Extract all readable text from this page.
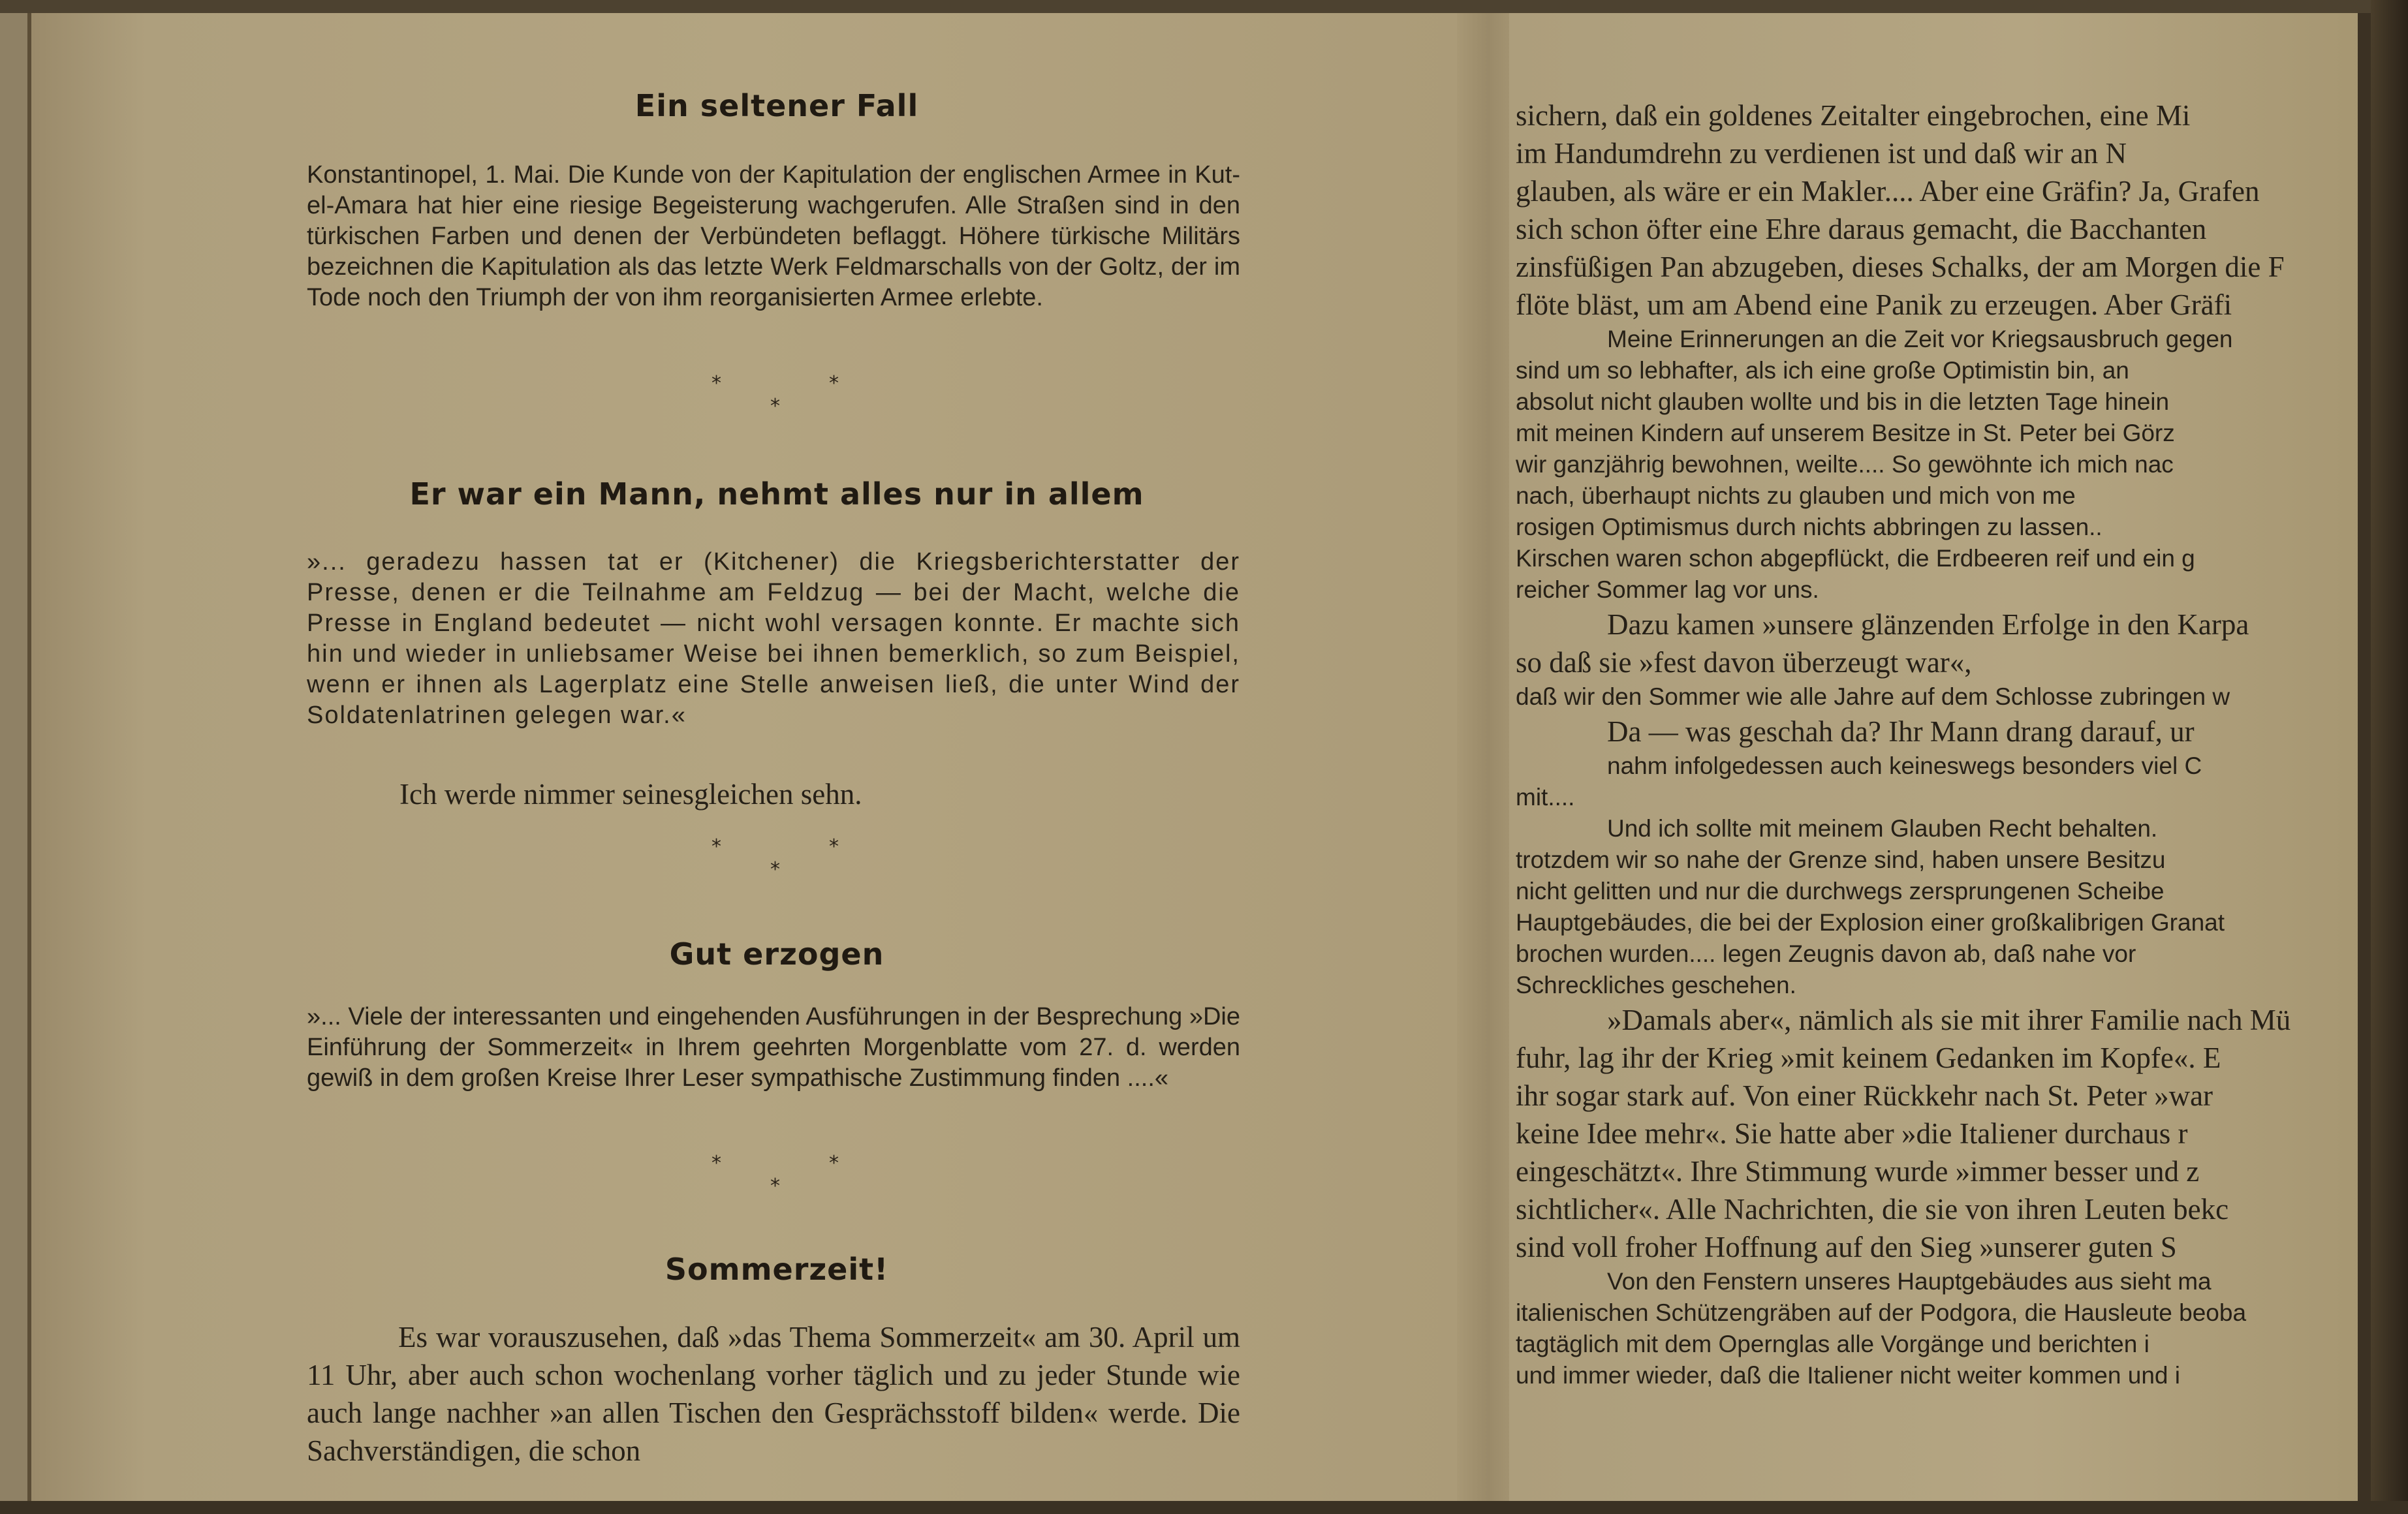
sichern, daß ein goldenes Zeitalter eingebrochen, eine Mi
im Handumdrehn zu verdienen ist und daß wir an N
glauben, als wäre er ein Makler.... Aber eine Gräfin? Ja, Grafen
sich schon öfter eine Ehre daraus gemacht, die Bacchanten
zinsfüßigen Pan abzugeben, dieses Schalks, der am Morgen die F
flöte bläst, um am Abend eine Panik zu erzeugen. Aber Gräfi
Meine Erinnerungen an die Zeit vor Kriegsausbruch gegen
sind um so lebhafter, als ich eine große Optimistin bin, an
absolut nicht glauben wollte und bis in die letzten Tage hinein
mit meinen Kindern auf unserem Besitze in St. Peter bei Görz
wir ganzjährig bewohnen, weilte.... So gewöhnte ich mich nac
nach, überhaupt nichts zu glauben und mich von me
rosigen Optimismus durch nichts abbringen zu lassen..
Kirschen waren schon abgepflückt, die Erdbeeren reif und ein g
reicher Sommer lag vor uns.
Dazu kamen »unsere glänzenden Erfolge in den Karpa
so daß sie »fest davon überzeugt war«,
daß wir den Sommer wie alle Jahre auf dem Schlosse zubringen w
Da — was geschah da? Ihr Mann drang darauf, ur
nahm infolgedessen auch keineswegs besonders viel C
mit....
Und ich sollte mit meinem Glauben Recht behalten.
trotzdem wir so nahe der Grenze sind, haben unsere Besitzu
nicht gelitten und nur die durchwegs zersprungenen Scheibe
Hauptgebäudes, die bei der Explosion einer großkalibrigen Granat
brochen wurden.... legen Zeugnis davon ab, daß nahe vor
Schreckliches geschehen.
»Damals aber«, nämlich als sie mit ihrer Familie nach Mü
fuhr, lag ihr der Krieg »mit keinem Gedanken im Kopfe«. E
ihr sogar stark auf. Von einer Rückkehr nach St. Peter »war
keine Idee mehr«. Sie hatte aber »die Italiener durchaus r
eingeschätzt«. Ihre Stimmung wurde »immer besser und z
sichtlicher«. Alle Nachrichten, die sie von ihren Leuten bekc
sind voll froher Hoffnung auf den Sieg »unserer guten S
Von den Fenstern unseres Hauptgebäudes aus sieht ma
italienischen Schützengräben auf der Podgora, die Hausleute beoba
tagtäglich mit dem Opernglas alle Vorgänge und berichten i
und immer wieder, daß die Italiener nicht weiter kommen und i
Ein seltener Fall
Konstantinopel, 1. Mai. Die Kunde von der Kapitulation der englischen Armee in Kut-el-Amara hat hier eine riesige Begeisterung wachgerufen. Alle Straßen sind in den türkischen Farben und denen der Verbündeten beflaggt. Höhere türkische Militärs bezeichnen die Kapitulation als das letzte Werk Feldmarschalls von der Goltz, der im Tode noch den Triumph der von ihm reorganisierten Armee erlebte.
*	*
*
Er war ein Mann, nehmt alles nur in allem
»... geradezu hassen tat er (Kitchener) die Kriegsberichterstatter der Presse, denen er die Teilnahme am Feldzug — bei der Macht, welche die Presse in England bedeutet — nicht wohl versagen konnte. Er machte sich hin und wieder in unliebsamer Weise bei ihnen bemerklich, so zum Beispiel, wenn er ihnen als Lagerplatz eine Stelle anweisen ließ, die unter Wind der Soldatenlatrinen gelegen war.«
Ich werde nimmer seinesgleichen sehn.
*	*
*
Gut erzogen
»... Viele der interessanten und eingehenden Ausführungen in der Besprechung »Die Einführung der Sommerzeit« in Ihrem geehrten Morgenblatte vom 27. d. werden gewiß in dem großen Kreise Ihrer Leser sympathische Zustimmung finden ....«
*	*
*
Sommerzeit!
Es war vorauszusehen, daß »das Thema Sommerzeit« am 30. April um 11 Uhr, aber auch schon wochenlang vorher täglich und zu jeder Stunde wie auch lange nachher »an allen Tischen den Gesprächsstoff bilden« werde. Die Sachverständigen, die schon
